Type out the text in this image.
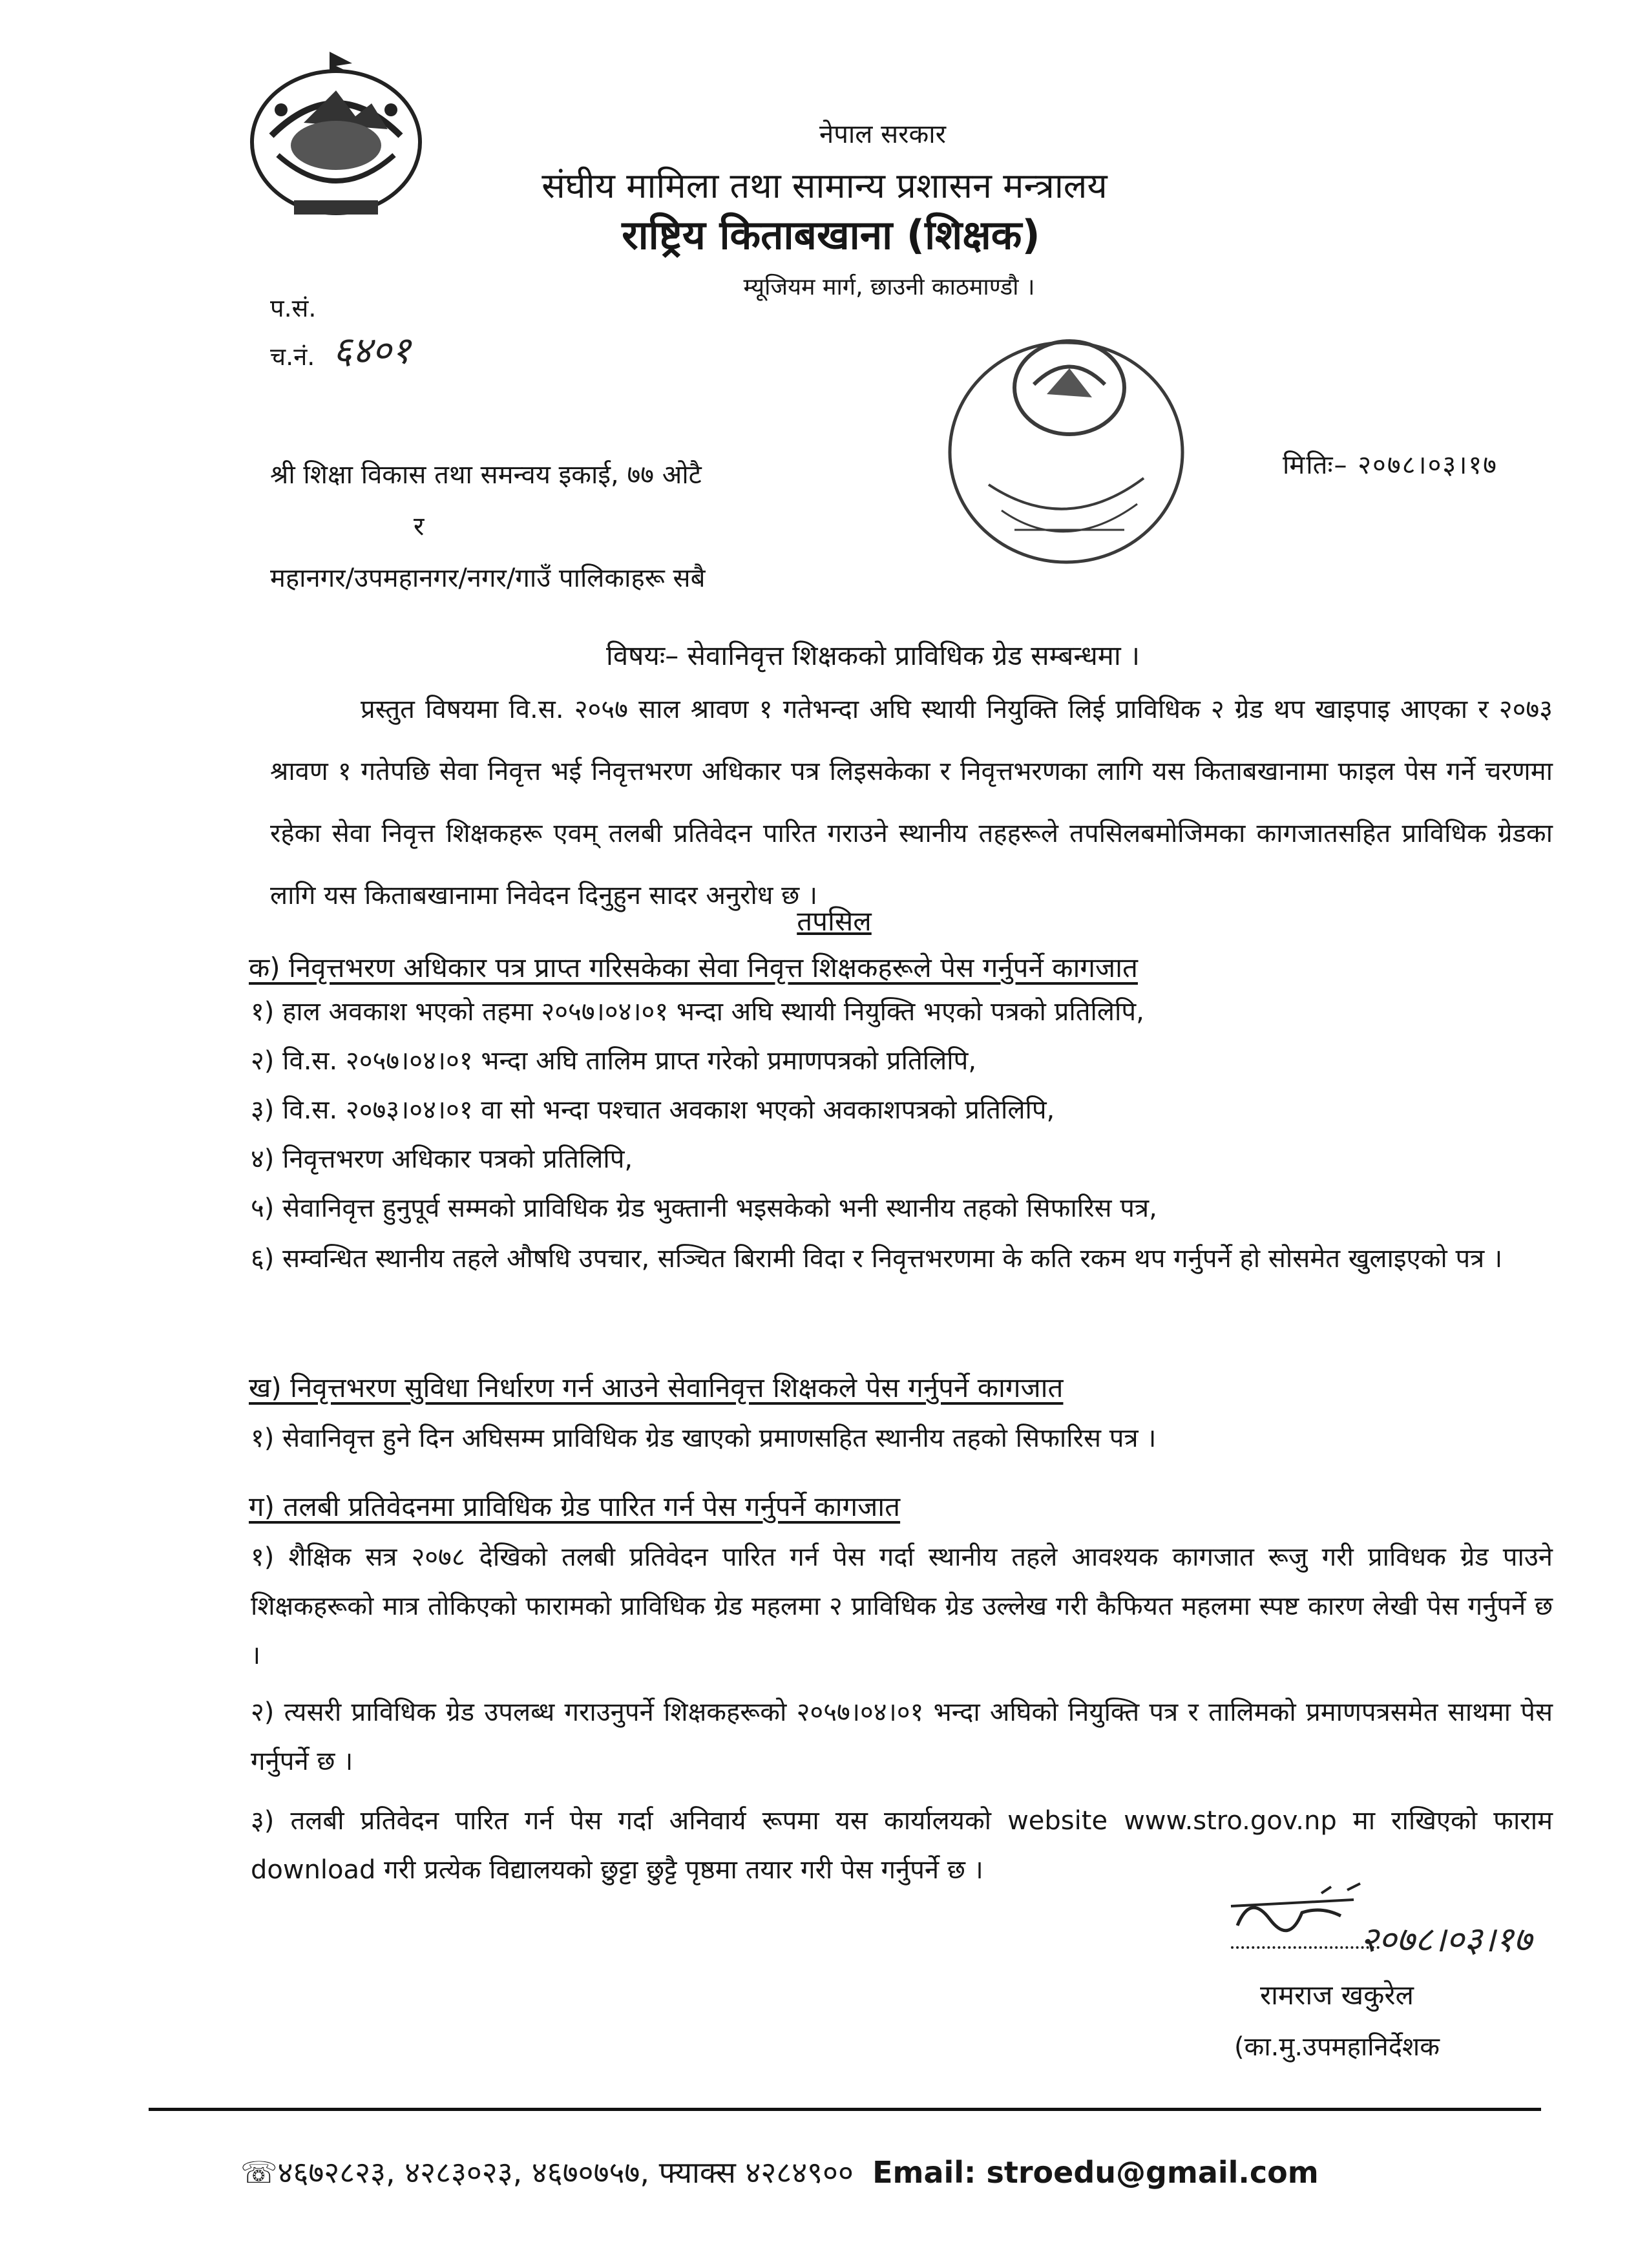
नेपाल सरकार
संघीय मामिला तथा सामान्य प्रशासन मन्त्रालय
राष्ट्रिय किताबखाना (शिक्षक)
म्यूजियम मार्ग, छाउनी काठमाण्डौ ।
प.सं.
च.नं. ६४०१
मितिः– २०७८।०३।१७
श्री शिक्षा विकास तथा समन्वय इकाई, ७७ ओटै
र
महानगर/उपमहानगर/नगर/गाउँ पालिकाहरू सबै
विषयः– सेवानिवृत्त शिक्षकको प्राविधिक ग्रेड सम्बन्धमा ।
प्रस्तुत विषयमा वि.स. २०५७ साल श्रावण १ गतेभन्दा अघि स्थायी नियुक्ति लिई प्राविधिक २ ग्रेड थप खाइपाइ आएका र २०७३ श्रावण १ गतेपछि सेवा निवृत्त भई निवृत्तभरण अधिकार पत्र लिइसकेका र निवृत्तभरणका लागि यस किताबखानामा फाइल पेस गर्ने चरणमा रहेका सेवा निवृत्त शिक्षकहरू एवम् तलबी प्रतिवेदन पारित गराउने स्थानीय तहहरूले तपसिलबमोजिमका कागजातसहित प्राविधिक ग्रेडका लागि यस किताबखानामा निवेदन दिनुहुन सादर अनुरोध छ ।
तपसिल
क) निवृत्तभरण अधिकार पत्र प्राप्त गरिसकेका सेवा निवृत्त शिक्षकहरूले पेस गर्नुपर्ने कागजात
१) हाल अवकाश भएको तहमा २०५७।०४।०१ भन्दा अघि स्थायी नियुक्ति भएको पत्रको प्रतिलिपि,
२) वि.स. २०५७।०४।०१ भन्दा अघि तालिम प्राप्त गरेको प्रमाणपत्रको प्रतिलिपि,
३) वि.स. २०७३।०४।०१ वा सो भन्दा पश्चात अवकाश भएको अवकाशपत्रको प्रतिलिपि,
४) निवृत्तभरण अधिकार पत्रको प्रतिलिपि,
५) सेवानिवृत्त हुनुपूर्व सम्मको प्राविधिक ग्रेड भुक्तानी भइसकेको भनी स्थानीय तहको सिफारिस पत्र,
६) सम्वन्धित स्थानीय तहले औषधि उपचार, सञ्चित बिरामी विदा र निवृत्तभरणमा के कति रकम थप गर्नुपर्ने हो सोसमेत खुलाइएको पत्र ।
ख) निवृत्तभरण सुविधा निर्धारण गर्न आउने सेवानिवृत्त शिक्षकले पेस गर्नुपर्ने कागजात
१) सेवानिवृत्त हुने दिन अघिसम्म प्राविधिक ग्रेड खाएको प्रमाणसहित स्थानीय तहको सिफारिस पत्र ।
ग) तलबी प्रतिवेदनमा प्राविधिक ग्रेड पारित गर्न पेस गर्नुपर्ने कागजात
१) शैक्षिक सत्र २०७८ देखिको तलबी प्रतिवेदन पारित गर्न पेस गर्दा स्थानीय तहले आवश्यक कागजात रूजु गरी प्राविधक ग्रेड पाउने शिक्षकहरूको मात्र तोकिएको फारामको प्राविधिक ग्रेड महलमा २ प्राविधिक ग्रेड उल्लेख गरी कैफियत महलमा स्पष्ट कारण लेखी पेस गर्नुपर्ने छ ।
२) त्यसरी प्राविधिक ग्रेड उपलब्ध गराउनुपर्ने शिक्षकहरूको २०५७।०४।०१ भन्दा अघिको नियुक्ति पत्र र तालिमको प्रमाणपत्रसमेत साथमा पेस गर्नुपर्ने छ ।
३) तलबी प्रतिवेदन पारित गर्न पेस गर्दा अनिवार्य रूपमा यस कार्यालयको website www.stro.gov.np मा राखिएको फाराम download गरी प्रत्येक विद्यालयको छुट्टा छुट्टै पृष्ठमा तयार गरी पेस गर्नुपर्ने छ ।
२०७८।०३।१७
रामराज खकुरेल
(का.मु.उपमहानिर्देशक
☏४६७२८२३, ४२८३०२३, ४६७०७५७, फ्याक्स ४२८४९०० Email: stroedu@gmail.com
